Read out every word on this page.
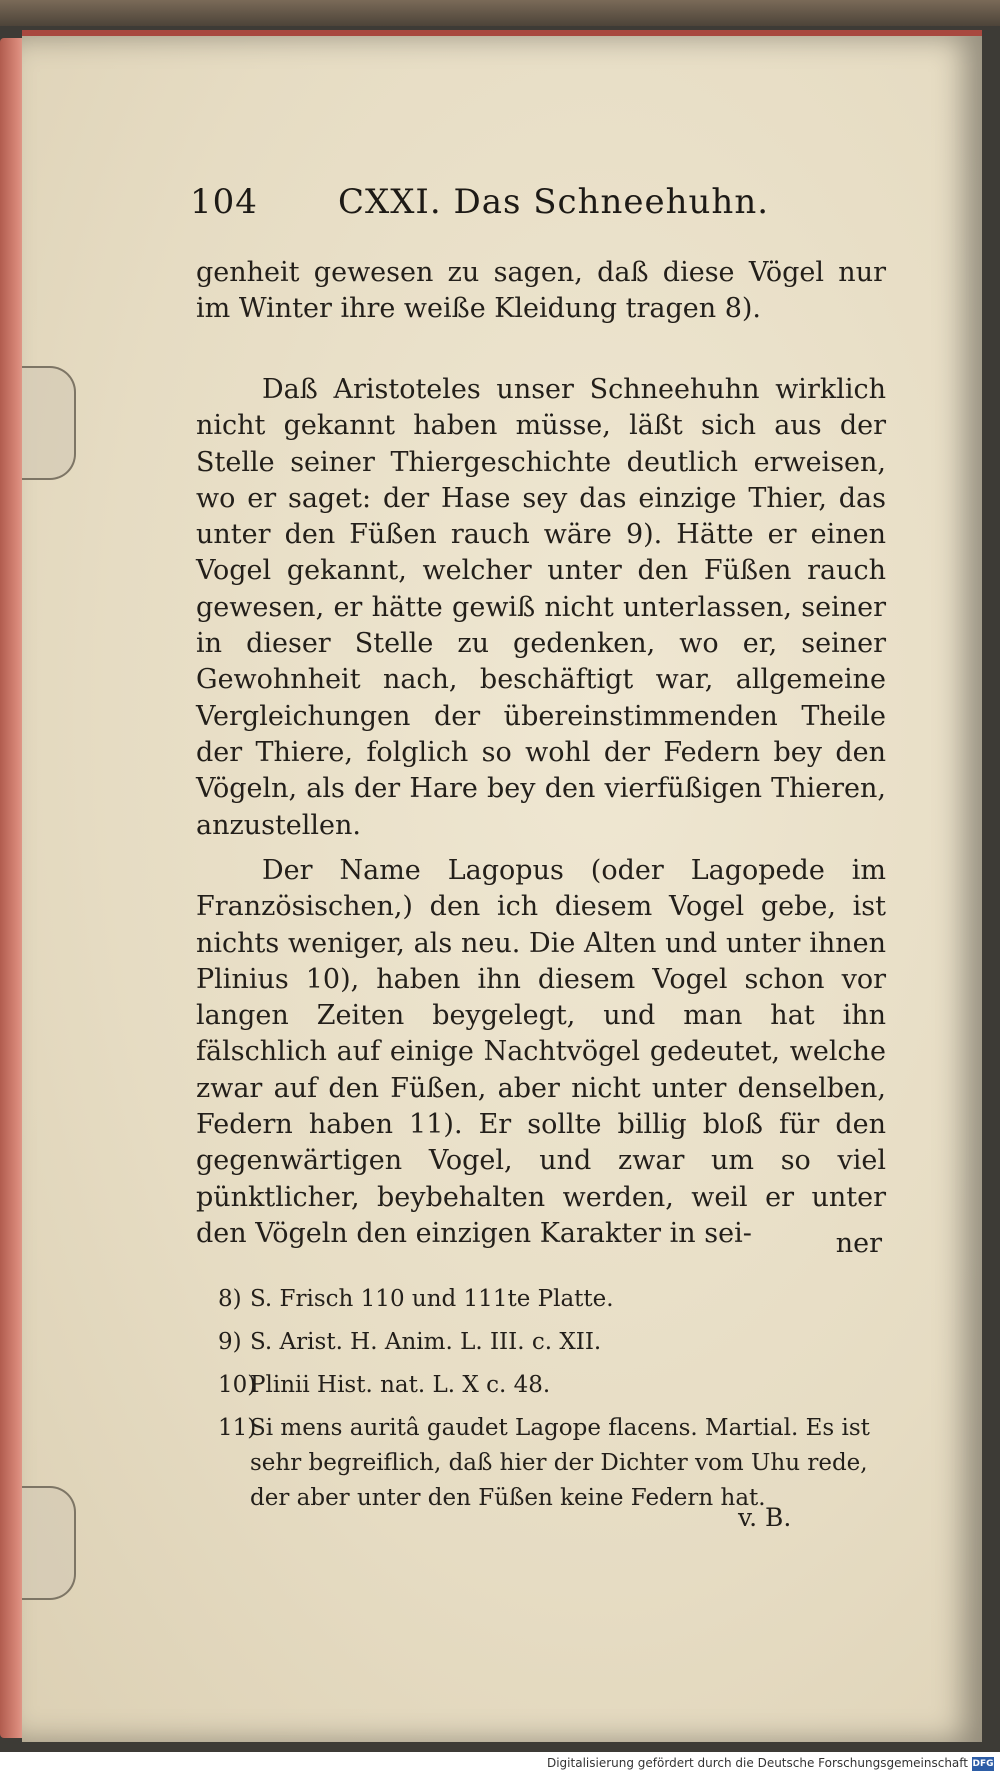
104 CXXI. Das Schneehuhn.
genheit gewesen zu sagen, daß diese Vögel nur im Winter ihre weiße Kleidung tragen 8).
Daß Aristoteles unser Schneehuhn wirklich nicht gekannt haben müsse, läßt sich aus der Stelle seiner Thiergeschichte deutlich erweisen, wo er saget: der Hase sey das einzige Thier, das unter den Füßen rauch wäre 9). Hätte er einen Vogel gekannt, welcher unter den Füßen rauch gewesen, er hätte gewiß nicht unterlassen, seiner in dieser Stelle zu gedenken, wo er, seiner Gewohnheit nach, beschäftigt war, allgemeine Vergleichungen der übereinstimmenden Theile der Thiere, folglich so wohl der Federn bey den Vögeln, als der Hare bey den vierfüßigen Thieren, anzustellen.
Der Name Lagopus (oder Lagopede im Französischen,) den ich diesem Vogel gebe, ist nichts weniger, als neu. Die Alten und unter ihnen Plinius 10), haben ihn diesem Vogel schon vor langen Zeiten beygelegt, und man hat ihn fälschlich auf einige Nachtvögel gedeutet, welche zwar auf den Füßen, aber nicht unter denselben, Federn haben 11). Er sollte billig bloß für den gegenwärtigen Vogel, und zwar um so viel pünktlicher, beybehalten werden, weil er unter den Vögeln den einzigen Karakter in sei-	ner
8) S. Frisch 110 und 111te Platte.
9) S. Arist. H. Anim. L. III. c. XII.
10)Plinii Hist. nat. L. X c. 48.
11)Si mens auritâ gaudet Lagope flacens. Martial. Es ist
sehr begreiflich, daß hier der Dichter vom Uhu rede, der aber unter den Füßen keine Federn hat.
v. B.
Digitalisierung gefördert durch die Deutsche Forschungsgemeinschaft DFG
